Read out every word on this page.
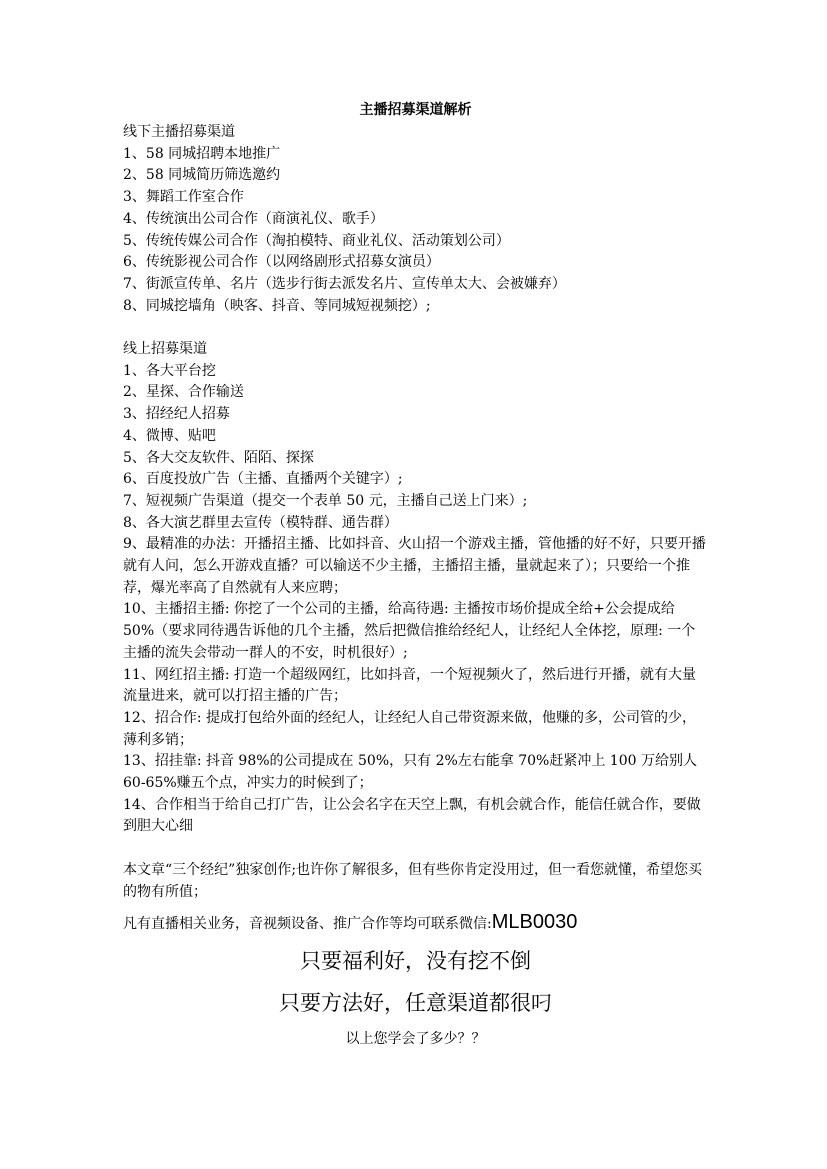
主播招募渠道解析
线下主播招募渠道
1、58 同城招聘本地推广
2、58 同城简历筛选邀约
3、舞蹈工作室合作
4、传统演出公司合作（商演礼仪、歌手）
5、传统传媒公司合作（淘拍模特、商业礼仪、活动策划公司）
6、传统影视公司合作（以网络剧形式招募女演员）
7、街派宣传单、名片（选步行街去派发名片、宣传单太大、会被嫌弃）
8、同城挖墙角（映客、抖音、等同城短视频挖）;
线上招募渠道
1、各大平台挖
2、星探、合作输送
3、招经纪人招募
4、微博、贴吧
5、各大交友软件、陌陌、探探
6、百度投放广告（主播、直播两个关键字）;
7、短视频广告渠道（提交一个表单 50 元，主播自己送上门来）;
8、各大演艺群里去宣传（模特群、通告群）
9、最精准的办法：开播招主播、比如抖音、火山招一个游戏主播，管他播的好不好，只要开播就有人问，怎么开游戏直播？可以输送不少主播，主播招主播，量就起来了）；只要给一个推荐，爆光率高了自然就有人来应聘；
10、主播招主播: 你挖了一个公司的主播，给高待遇: 主播按市场价提成全给+公会提成给 50%（要求同待遇告诉他的几个主播，然后把微信推给经纪人，让经纪人全体挖，原理: 一个主播的流失会带动一群人的不安，时机很好）;
11、网红招主播: 打造一个超级网红，比如抖音，一个短视频火了，然后进行开播，就有大量流量进来，就可以打招主播的广告；
12、招合作: 提成打包给外面的经纪人，让经纪人自己带资源来做，他赚的多，公司管的少，薄利多销；
13、招挂靠: 抖音 98%的公司提成在 50%，只有 2%左右能拿 70%赶紧冲上 100 万给别人 60-65%赚五个点，冲实力的时候到了；
14、合作相当于给自己打广告，让公会名字在天空上飘，有机会就合作，能信任就合作，要做到胆大心细

本文章“三个经纪”独家创作;也许你了解很多，但有些你肯定没用过，但一看您就懂，希望您买的物有所值；

凡有直播相关业务，音视频设备、推广合作等均可联系微信:MLB0030
只要福利好，没有挖不倒
只要方法好，任意渠道都很叼
以上您学会了多少？？
